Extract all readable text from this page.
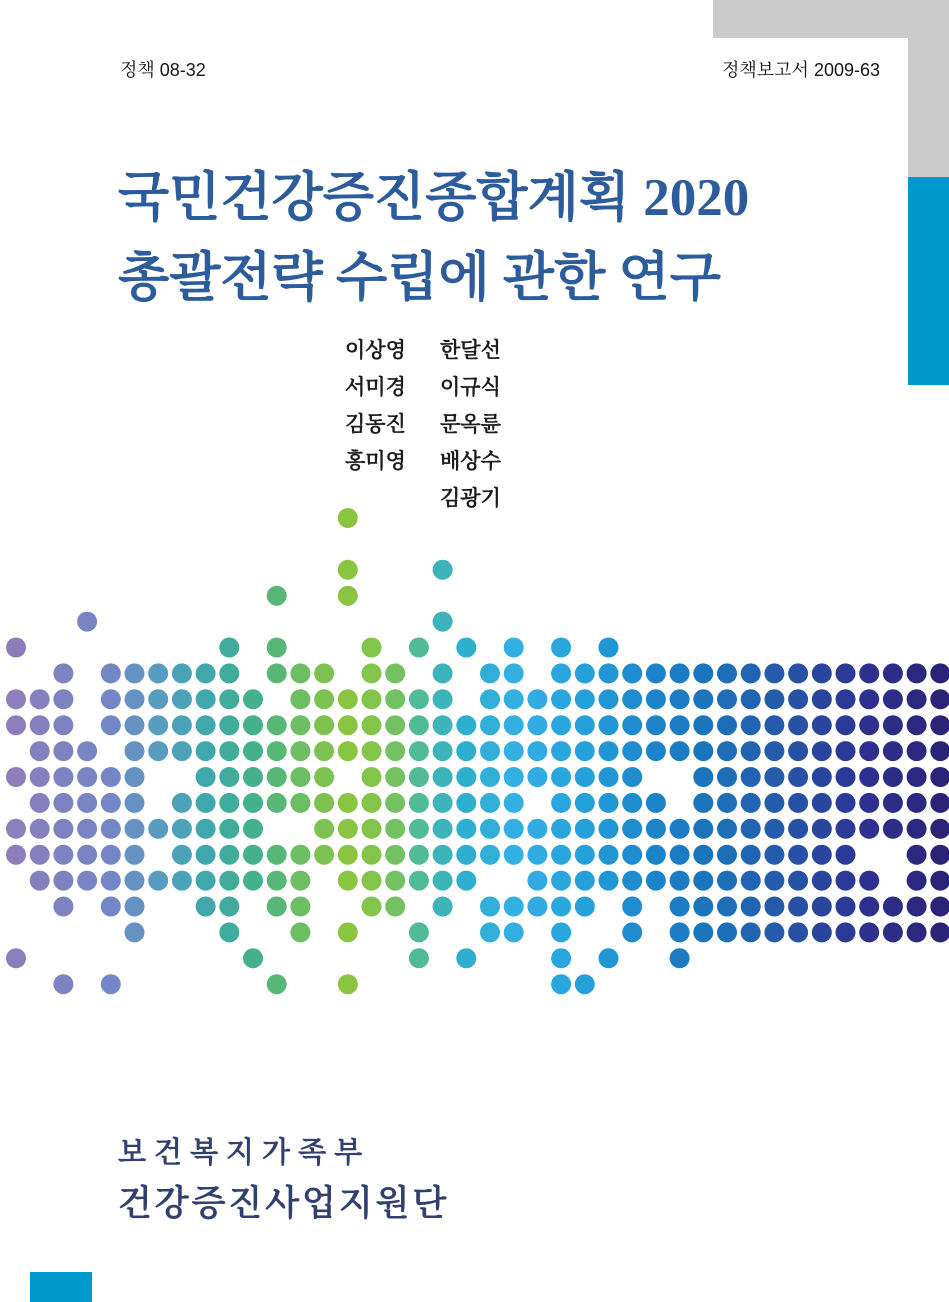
정책 08-32	정책보고서 2009-63
국민건강증진종합계획 2020
총괄전략 수립에 관한 연구
이상영	한달선
서미경	이규식
김동진	문옥륜
홍미영	배상수
김광기
보건복지가족부
건강증진사업지원단
